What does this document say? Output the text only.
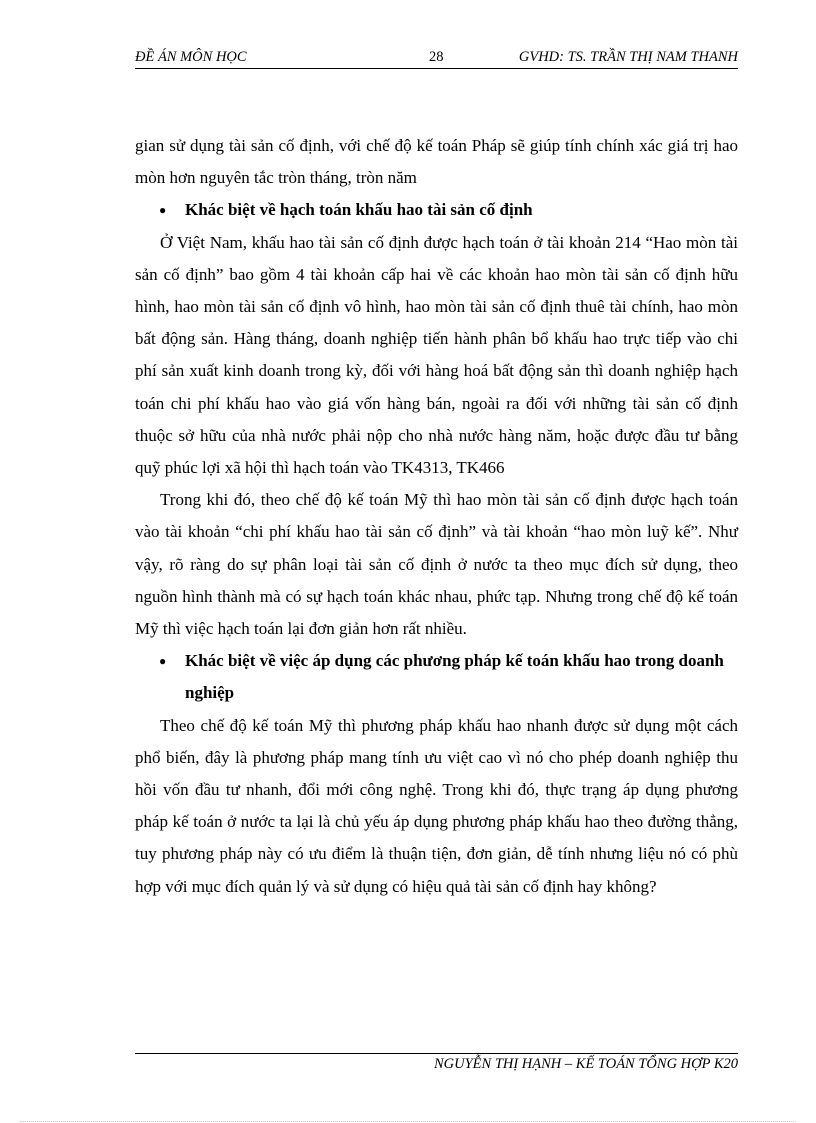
ĐỀ ÁN MÔN HỌC	28	GVHD: TS. TRẦN THỊ NAM THANH

gian sử dụng tài sản cố định, với chế độ kế toán Pháp sẽ giúp tính chính xác giá trị hao mòn hơn nguyên tắc tròn tháng, tròn năm

●	Khác biệt về hạch toán khấu hao tài sản cố định

Ở Việt Nam, khấu hao tài sản cố định được hạch toán ở tài khoản 214 “Hao mòn tài sản cố định” bao gồm 4 tài khoản cấp hai về các khoản hao mòn tài sản cố định hữu hình, hao mòn tài sản cố định vô hình, hao mòn tài sản cố định thuê tài chính, hao mòn bất động sản. Hàng tháng, doanh nghiệp tiến hành phân bổ khấu hao trực tiếp vào chi phí sản xuất kinh doanh trong kỳ, đối với hàng hoá bất động sản thì doanh nghiệp hạch toán chi phí khấu hao vào giá vốn hàng bán, ngoài ra đối với những tài sản cố định thuộc sở hữu của nhà nước phải nộp cho nhà nước hàng năm, hoặc được đầu tư bằng quỹ phúc lợi xã hội thì hạch toán vào TK4313, TK466

Trong khi đó, theo chế độ kế toán Mỹ thì hao mòn tài sản cố định được hạch toán vào tài khoản “chi phí khấu hao tài sản cố định” và tài khoản “hao mòn luỹ kế”. Như vậy, rõ ràng do sự phân loại tài sản cố định ở nước ta theo mục đích sử dụng, theo nguồn hình thành mà có sự hạch toán khác nhau, phức tạp. Nhưng trong chế độ kế toán Mỹ thì việc hạch toán lại đơn giản hơn rất nhiều.

●	Khác biệt về việc áp dụng các phương pháp kế toán khấu hao trong doanh nghiệp

Theo chế độ kế toán Mỹ thì phương pháp khấu hao nhanh được sử dụng một cách phổ biến, đây là phương pháp mang tính ưu việt cao vì nó cho phép doanh nghiệp thu hồi vốn đầu tư nhanh, đổi mới công nghệ. Trong khi đó, thực trạng áp dụng phương pháp kế toán ở nước ta lại là chủ yếu áp dụng phương pháp khấu hao theo đường thẳng, tuy phương pháp này có ưu điểm là thuận tiện, đơn giản, dễ tính nhưng liệu nó có phù hợp với mục đích quản lý và sử dụng có hiệu quả tài sản cố định hay không?

NGUYỄN THỊ HẠNH – KẾ TOÁN TỔNG HỢP K20
